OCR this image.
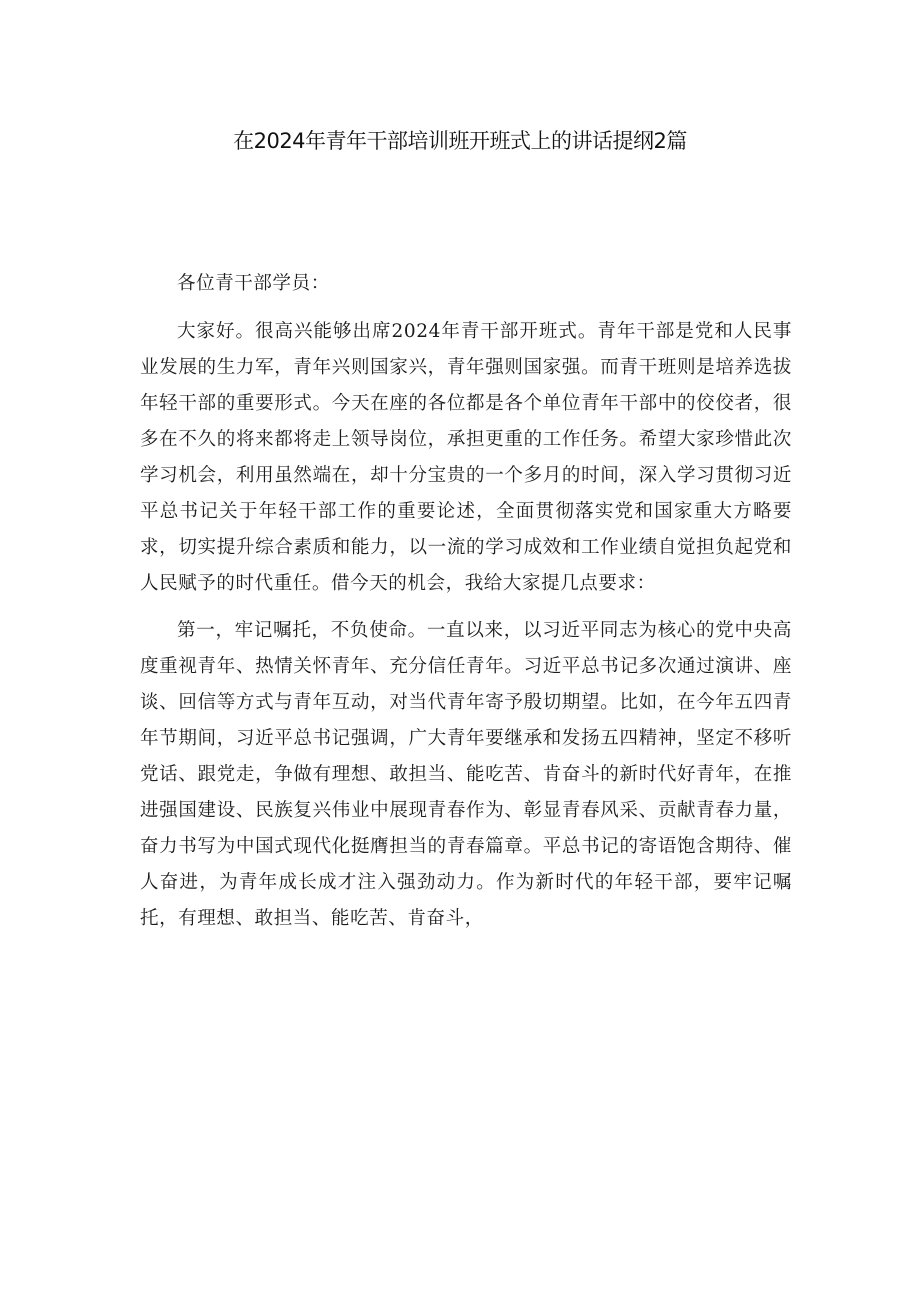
在2024年青年干部培训班开班式上的讲话提纲2篇

各位青干部学员：

大家好。很高兴能够出席2024年青干部开班式。青年干部是党和人民事业发展的生力军，青年兴则国家兴，青年强则国家强。而青干班则是培养选拔年轻干部的重要形式。今天在座的各位都是各个单位青年干部中的佼佼者，很多在不久的将来都将走上领导岗位，承担更重的工作任务。希望大家珍惜此次学习机会，利用虽然端在，却十分宝贵的一个多月的时间，深入学习贯彻习近平总书记关于年轻干部工作的重要论述，全面贯彻落实党和国家重大方略要求，切实提升综合素质和能力，以一流的学习成效和工作业绩自觉担负起党和人民赋予的时代重任。借今天的机会，我给大家提几点要求：

第一，牢记嘱托，不负使命。一直以来，以习近平同志为核心的党中央高度重视青年、热情关怀青年、充分信任青年。习近平总书记多次通过演讲、座谈、回信等方式与青年互动，对当代青年寄予殷切期望。比如，在今年五四青年节期间，习近平总书记强调，广大青年要继承和发扬五四精神，坚定不移听党话、跟党走，争做有理想、敢担当、能吃苦、肯奋斗的新时代好青年，在推进强国建设、民族复兴伟业中展现青春作为、彰显青春风采、贡献青春力量，奋力书写为中国式现代化挺膺担当的青春篇章。平总书记的寄语饱含期待、催人奋进，为青年成长成才注入强劲动力。作为新时代的年轻干部，要牢记嘱托，有理想、敢担当、能吃苦、肯奋斗，
